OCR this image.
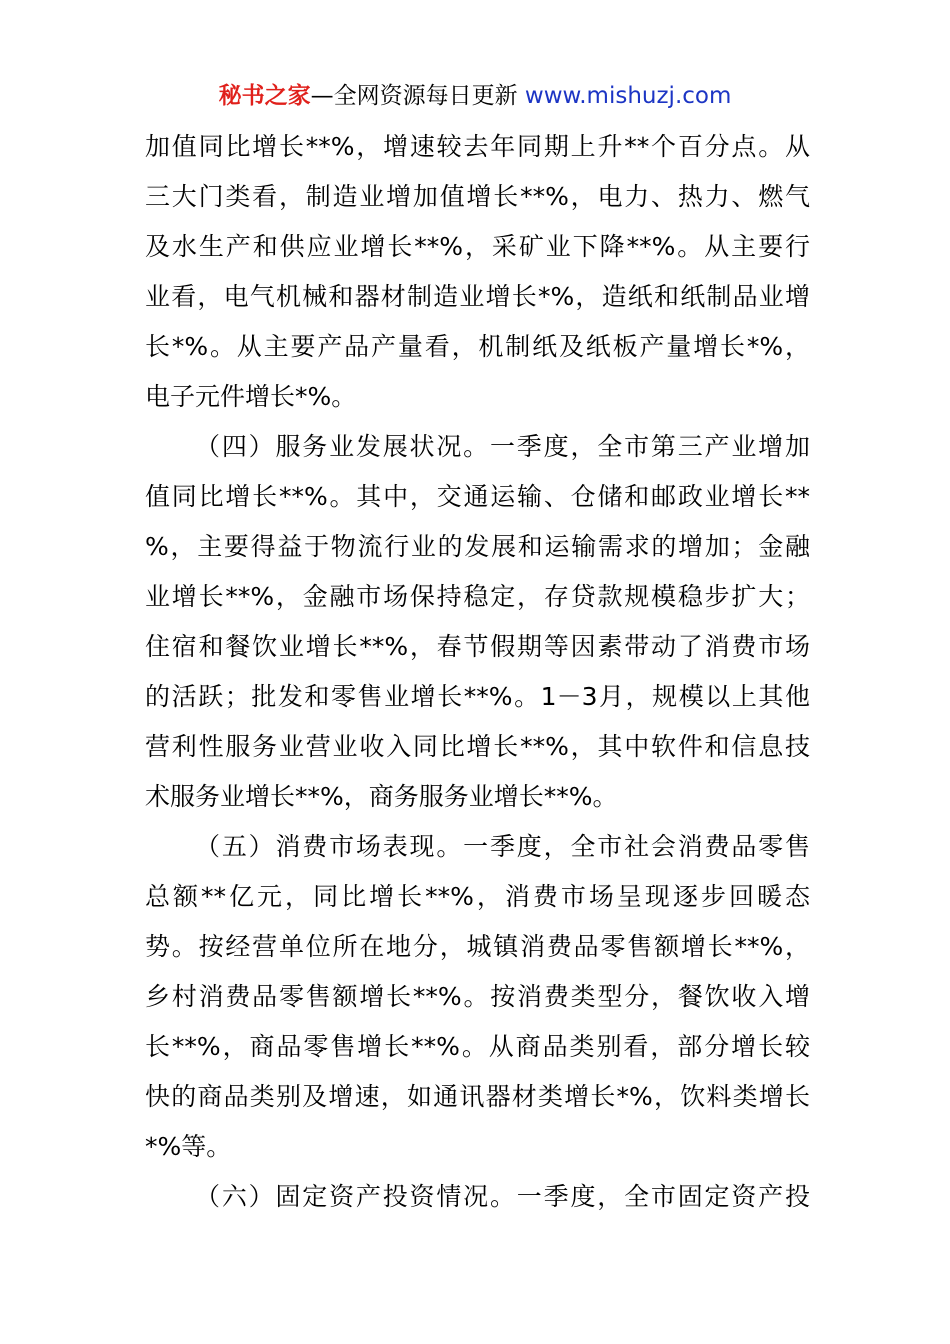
秘书之家—全网资源每日更新 www.mishuzj.com
加值同比增长**%，增速较去年同期上升**个百分点。从
三大门类看，制造业增加值增长**%，电力、热力、燃气
及水生产和供应业增长**%，采矿业下降**%。从主要行
业看，电气机械和器材制造业增长*%，造纸和纸制品业增
长*%。从主要产品产量看，机制纸及纸板产量增长*%，
电子元件增长*%。
（四）服务业发展状况。一季度，全市第三产业增加
值同比增长**%。其中，交通运输、仓储和邮政业增长**
%，主要得益于物流行业的发展和运输需求的增加；金融
业增长**%，金融市场保持稳定，存贷款规模稳步扩大；
住宿和餐饮业增长**%，春节假期等因素带动了消费市场
的活跃；批发和零售业增长**%。1－3月，规模以上其他
营利性服务业营业收入同比增长**%，其中软件和信息技
术服务业增长**%，商务服务业增长**%。
（五）消费市场表现。一季度，全市社会消费品零售
总额**亿元，同比增长**%，消费市场呈现逐步回暖态
势。按经营单位所在地分，城镇消费品零售额增长**%，
乡村消费品零售额增长**%。按消费类型分，餐饮收入增
长**%，商品零售增长**%。从商品类别看，部分增长较
快的商品类别及增速，如通讯器材类增长*%，饮料类增长
*%等。
（六）固定资产投资情况。一季度，全市固定资产投
